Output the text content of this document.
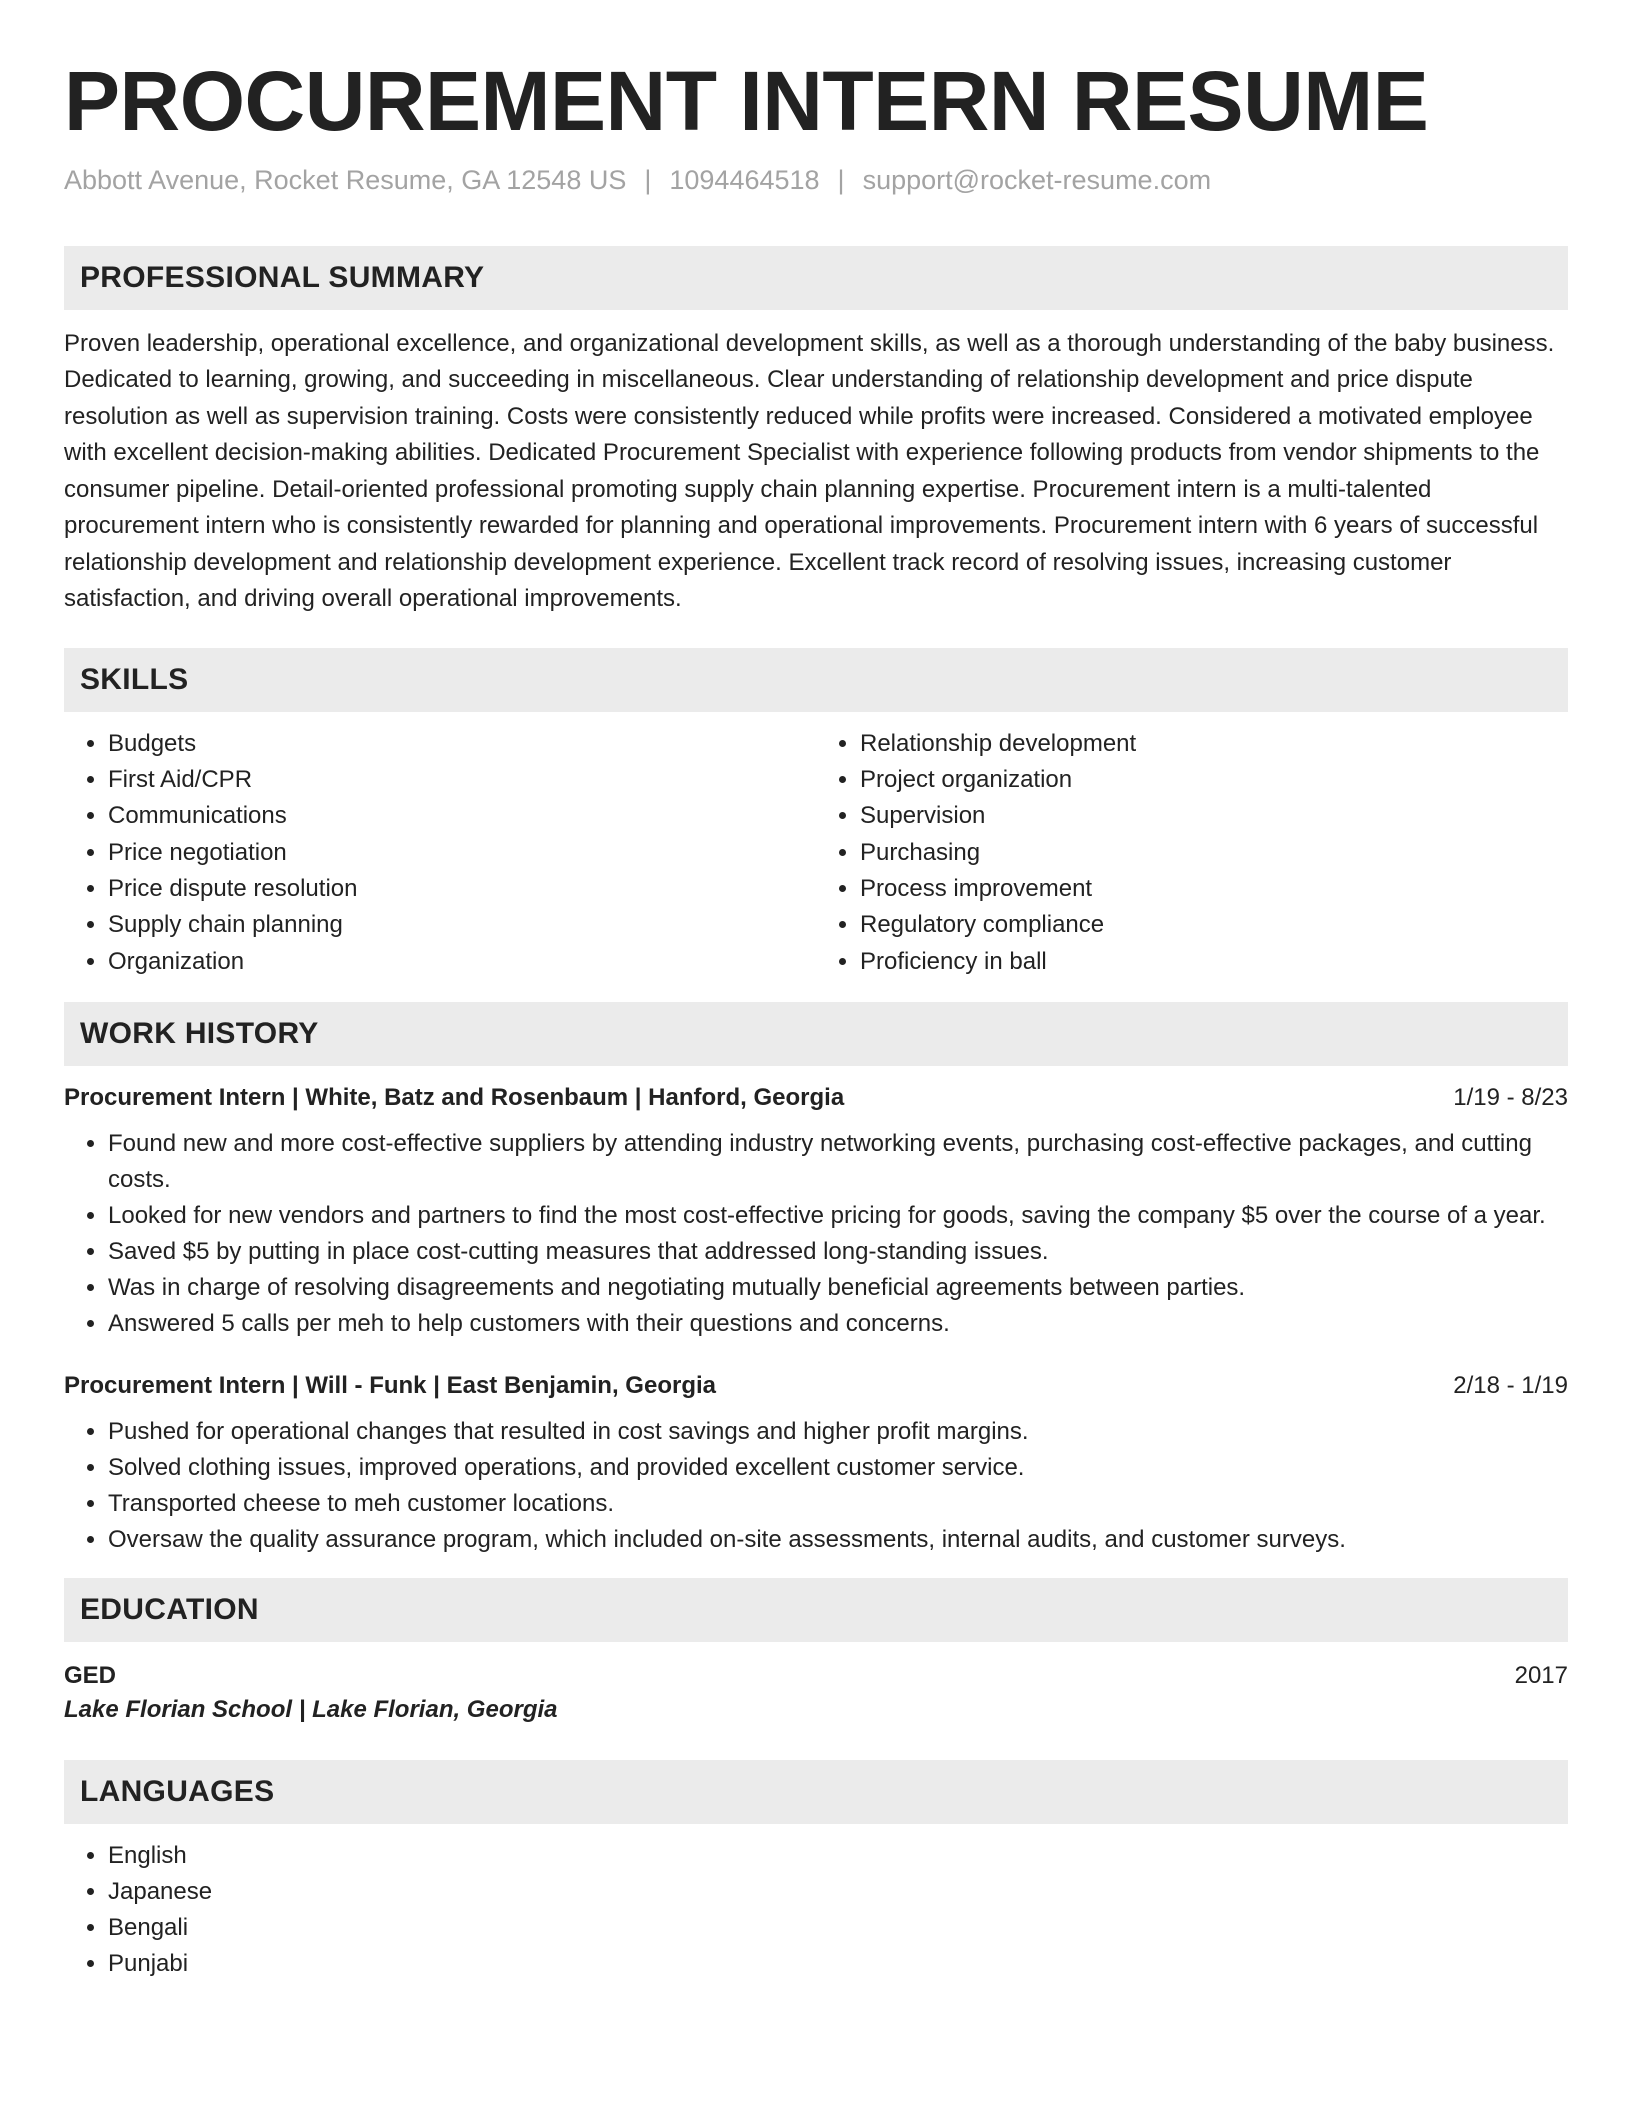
PROCUREMENT INTERN RESUME
Abbott Avenue, Rocket Resume, GA 12548 US | 1094464518 | support@rocket-resume.com
PROFESSIONAL SUMMARY

Proven leadership, operational excellence, and organizational development skills, as well as a thorough understanding of the baby business. Dedicated to learning, growing, and succeeding in miscellaneous. Clear understanding of relationship development and price dispute resolution as well as supervision training. Costs were consistently reduced while profits were increased. Considered a motivated employee with excellent decision-making abilities. Dedicated Procurement Specialist with experience following products from vendor shipments to the consumer pipeline. Detail-oriented professional promoting supply chain planning expertise. Procurement intern is a multi-talented procurement intern who is consistently rewarded for planning and operational improvements. Procurement intern with 6 years of successful relationship development and relationship development experience. Excellent track record of resolving issues, increasing customer satisfaction, and driving overall operational improvements.

SKILLS
• Budgets
• First Aid/CPR
• Communications
• Price negotiation
• Price dispute resolution
• Supply chain planning
• Organization
• Relationship development
• Project organization
• Supervision
• Purchasing
• Process improvement
• Regulatory compliance
• Proficiency in ball
WORK HISTORY
Procurement Intern | White, Batz and Rosenbaum | Hanford, Georgia	1/19 - 8/23
• Found new and more cost-effective suppliers by attending industry networking events, purchasing cost-effective packages, and cutting costs.
• Looked for new vendors and partners to find the most cost-effective pricing for goods, saving the company $5 over the course of a year.
• Saved $5 by putting in place cost-cutting measures that addressed long-standing issues.
• Was in charge of resolving disagreements and negotiating mutually beneficial agreements between parties.
• Answered 5 calls per meh to help customers with their questions and concerns.
Procurement Intern | Will - Funk | East Benjamin, Georgia	2/18 - 1/19
• Pushed for operational changes that resulted in cost savings and higher profit margins.
• Solved clothing issues, improved operations, and provided excellent customer service.
• Transported cheese to meh customer locations.
• Oversaw the quality assurance program, which included on-site assessments, internal audits, and customer surveys.
EDUCATION
GED	2017
Lake Florian School | Lake Florian, Georgia
LANGUAGES
• English
• Japanese
• Bengali
• Punjabi
